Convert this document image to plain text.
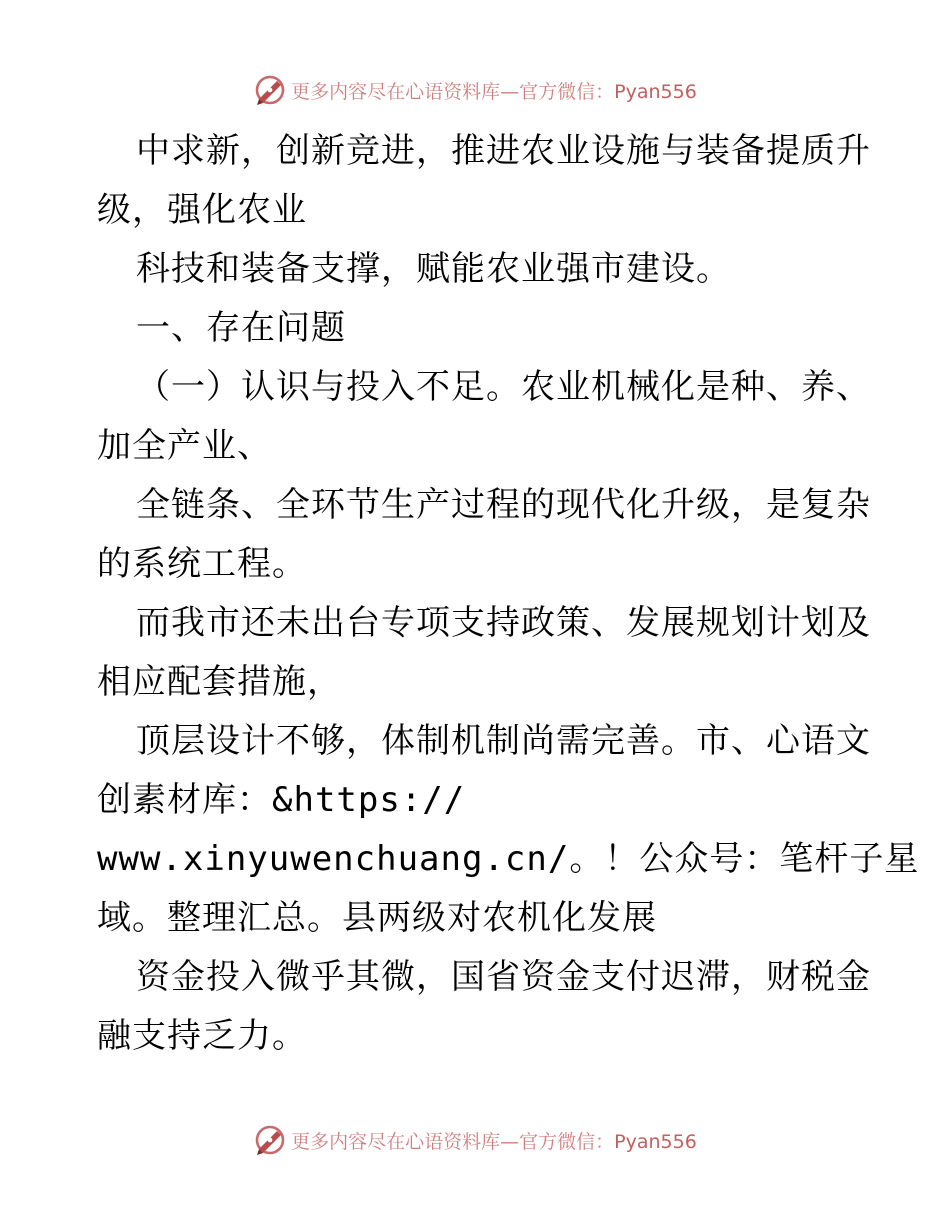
更多内容尽在心语资料库—官方微信：Pyan556

中求新，创新竞进，推进农业设施与装备提质升

级，强化农业

科技和装备支撑，赋能农业强市建设。

一、存在问题

（一）认识与投入不足。农业机械化是种、养、

加全产业、

全链条、全环节生产过程的现代化升级，是复杂

的系统工程。

而我市还未出台专项支持政策、发展规划计划及

相应配套措施，

顶层设计不够，体制机制尚需完善。市、心语文

创素材库：&https://

www.xinyuwenchuang.cn/。！公众号：笔杆子星

域。整理汇总。县两级对农机化发展

资金投入微乎其微，国省资金支付迟滞，财税金

融支持乏力。

更多内容尽在心语资料库—官方微信：Pyan556
